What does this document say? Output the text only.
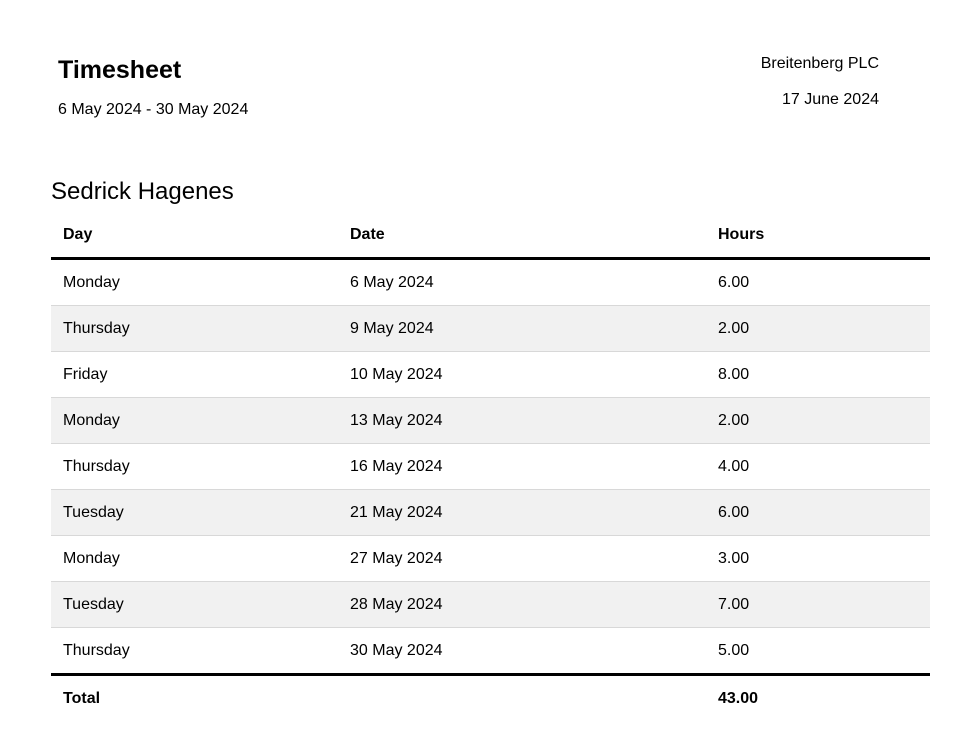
Timesheet
6 May 2024 - 30 May 2024
Breitenberg PLC
17 June 2024
Sedrick Hagenes
Day	Date	Hours
Monday	6 May 2024	6.00
Thursday	9 May 2024	2.00
Friday	10 May 2024	8.00
Monday	13 May 2024	2.00
Thursday	16 May 2024	4.00
Tuesday	21 May 2024	6.00
Monday	27 May 2024	3.00
Tuesday	28 May 2024	7.00
Thursday	30 May 2024	5.00
Total		43.00
